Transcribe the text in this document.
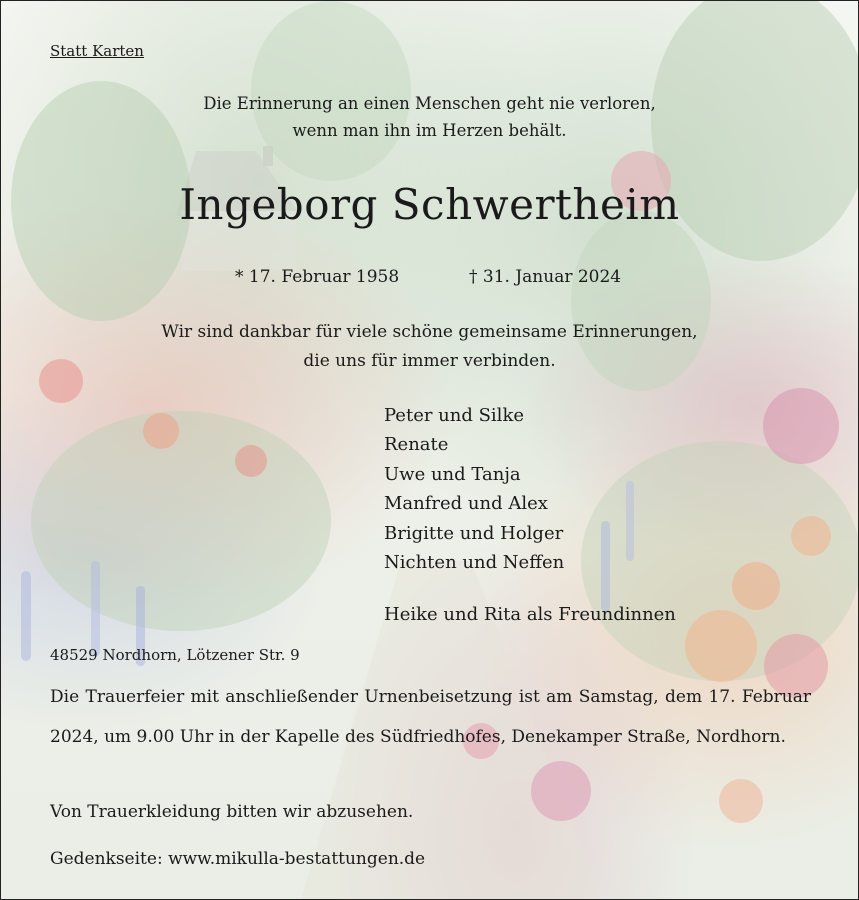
Statt Karten
Die Erinnerung an einen Menschen geht nie verloren,
wenn man ihn im Herzen behält.
Ingeborg Schwertheim
* 17. Februar 1958	† 31. Januar 2024
Wir sind dankbar für viele schöne gemeinsame Erinnerungen,
die uns für immer verbinden.
Peter und Silke
Renate
Uwe und Tanja
Manfred und Alex
Brigitte und Holger
Nichten und Neffen
Heike und Rita als Freundinnen
48529 Nordhorn, Lötzener Str. 9
Die Trauerfeier mit anschließender Urnenbeisetzung ist am Samstag, dem 17. Februar 2024, um 9.00 Uhr in der Kapelle des Südfriedhofes, Denekamper Straße, Nordhorn.
Von Trauerkleidung bitten wir abzusehen.
Gedenkseite: www.mikulla-bestattungen.de
